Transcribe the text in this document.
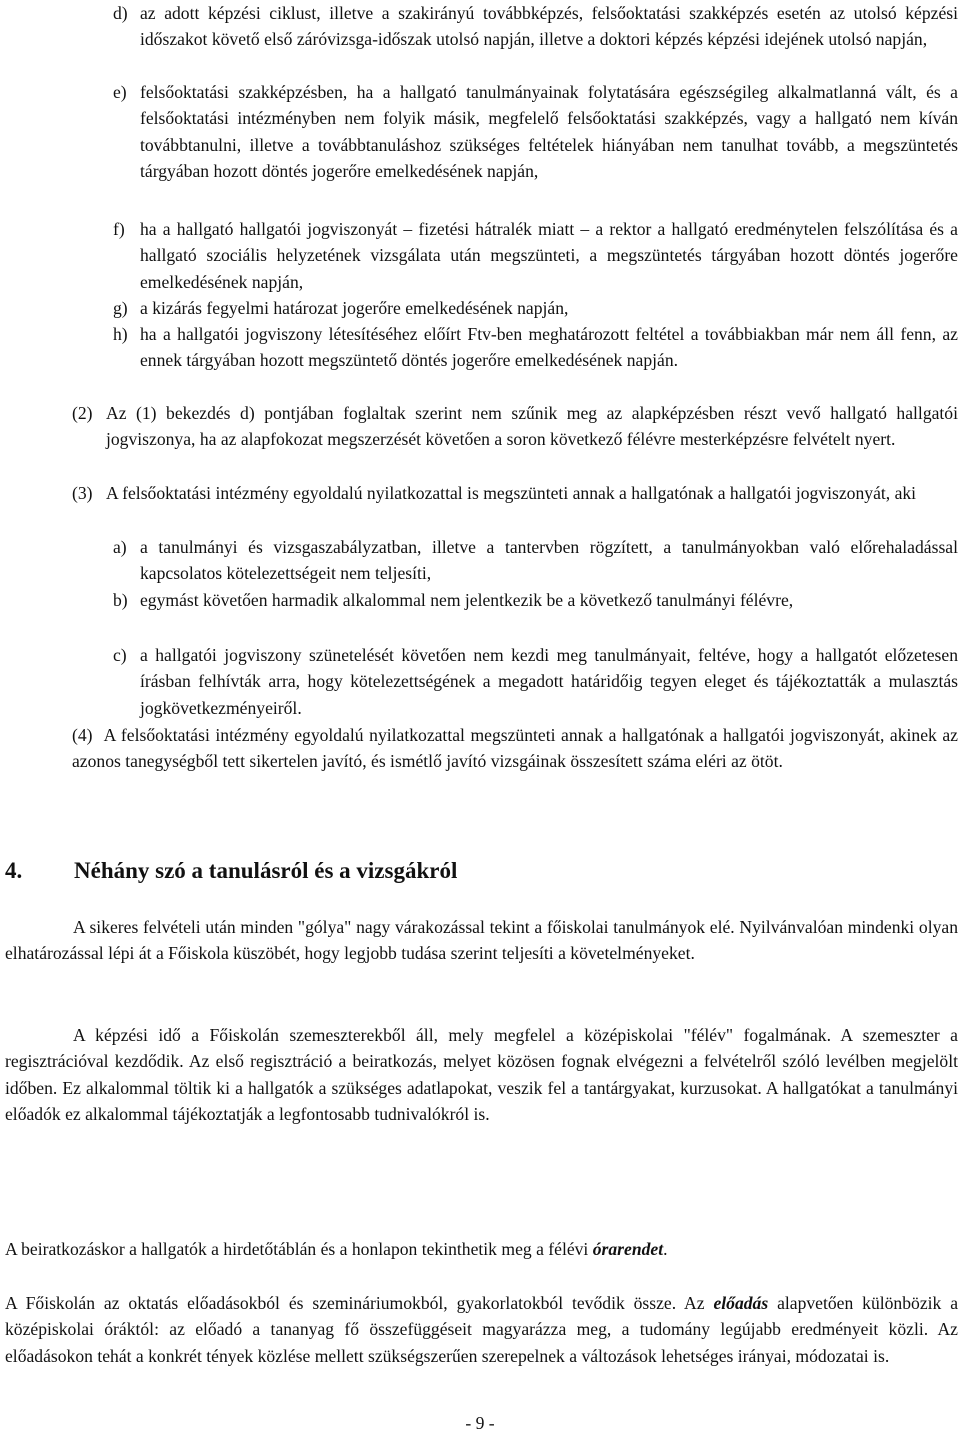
d) az adott képzési ciklust, illetve a szakirányú továbbképzés, felsőoktatási szakképzés esetén az utolsó képzési időszakot követő első záróvizsga-időszak utolsó napján, illetve a doktori képzés képzési idejének utolsó napján,
e) felsőoktatási szakképzésben, ha a hallgató tanulmányainak folytatására egészségileg alkalmatlanná vált, és a felsőoktatási intézményben nem folyik másik, megfelelő felsőoktatási szakképzés, vagy a hallgató nem kíván továbbtanulni, illetve a továbbtanuláshoz szükséges feltételek hiányában nem tanulhat tovább, a megszüntetés tárgyában hozott döntés jogerőre emelkedésének napján,
f) ha a hallgató hallgatói jogviszonyát – fizetési hátralék miatt – a rektor a hallgató eredménytelen felszólítása és a hallgató szociális helyzetének vizsgálata után megszünteti, a megszüntetés tárgyában hozott döntés jogerőre emelkedésének napján,
g) a kizárás fegyelmi határozat jogerőre emelkedésének napján,
h) ha a hallgatói jogviszony létesítéséhez előírt Ftv-ben meghatározott feltétel a továbbiakban már nem áll fenn, az ennek tárgyában hozott megszüntető döntés jogerőre emelkedésének napján.
(2) Az (1) bekezdés d) pontjában foglaltak szerint nem szűnik meg az alapképzésben részt vevő hallgató hallgatói jogviszonya, ha az alapfokozat megszerzését követően a soron következő félévre mesterképzésre felvételt nyert.
(3) A felsőoktatási intézmény egyoldalú nyilatkozattal is megszünteti annak a hallgatónak a hallgatói jogviszonyát, aki
a) a tanulmányi és vizsgaszabályzatban, illetve a tantervben rögzített, a tanulmányokban való előrehaladással kapcsolatos kötelezettségeit nem teljesíti,
b) egymást követően harmadik alkalommal nem jelentkezik be a következő tanulmányi félévre,
c) a hallgatói jogviszony szünetelését követően nem kezdi meg tanulmányait, feltéve, hogy a hallgatót előzetesen írásban felhívták arra, hogy kötelezettségének a megadott határidőig tegyen eleget és tájékoztatták a mulasztás jogkövetkezményeiről.
(4) A felsőoktatási intézmény egyoldalú nyilatkozattal megszünteti annak a hallgatónak a hallgatói jogviszonyát, akinek az azonos tanegységből tett sikertelen javító, és ismétlő javító vizsgáinak összesített száma eléri az ötöt.
4. Néhány szó a tanulásról és a vizsgákról

A sikeres felvételi után minden "gólya" nagy várakozással tekint a főiskolai tanulmányok elé. Nyilvánvalóan mindenki olyan elhatározással lépi át a Főiskola küszöbét, hogy legjobb tudása szerint teljesíti a követelményeket.

A képzési idő a Főiskolán szemeszterekből áll, mely megfelel a középiskolai "félév" fogalmának. A szemeszter a regisztrációval kezdődik. Az első regisztráció a beiratkozás, melyet közösen fognak elvégezni a felvételről szóló levélben megjelölt időben. Ez alkalommal töltik ki a hallgatók a szükséges adatlapokat, veszik fel a tantárgyakat, kurzusokat. A hallgatókat a tanulmányi előadók ez alkalommal tájékoztatják a legfontosabb tudnivalókról is.

A beiratkozáskor a hallgatók a hirdetőtáblán és a honlapon tekinthetik meg a félévi órarendet.

A Főiskolán az oktatás előadásokból és szemináriumokból, gyakorlatokból tevődik össze. Az előadás alapvetően különbözik a középiskolai óráktól: az előadó a tananyag fő összefüggéseit magyarázza meg, a tudomány legújabb eredményeit közli. Az előadásokon tehát a konkrét tények közlése mellett szükségszerűen szerepelnek a változások lehetséges irányai, módozatai is.

- 9 -
